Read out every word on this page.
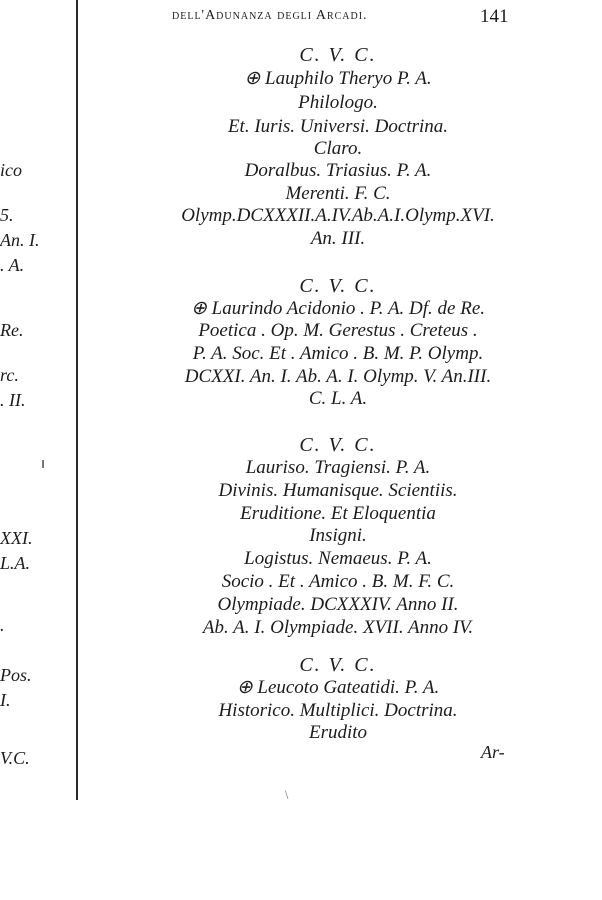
dell'Adunanza degli Arcadi.	141
ico
5.
An. I.
. A.
Re.
rc.
. II.
XXI.
L.A.
.
Pos.
I.
V.C.
C. V. C.
⊕ Lauphilo Theryo P. A.
Philologo.
Et. Iuris. Universi. Doctrina.
Claro.
Doralbus. Triasius. P. A.
Merenti. F. C.
Olymp.DCXXXII.A.IV.Ab.A.I.Olymp.XVI.
An. III.
C. V. C.
⊕ Laurindo Acidonio . P. A. Df. de Re.
Poetica . Op. M. Gerestus . Creteus .
P. A. Soc. Et . Amico . B. M. P. Olymp.
DCXXI. An. I. Ab. A. I. Olymp. V. An.III.
C. L. A.
C. V. C.
Lauriso. Tragiensi. P. A.
Divinis. Humanisque. Scientiis.
Eruditione. Et Eloquentia
Insigni.
Logistus. Nemaeus. P. A.
Socio . Et . Amico . B. M. F. C.
Olympiade. DCXXXIV. Anno II.
Ab. A. I. Olympiade. XVII. Anno IV.
C. V. C.
⊕ Leucoto Gateatidi. P. A.
Historico. Multiplici. Doctrina.
Erudito
Ar-
\
